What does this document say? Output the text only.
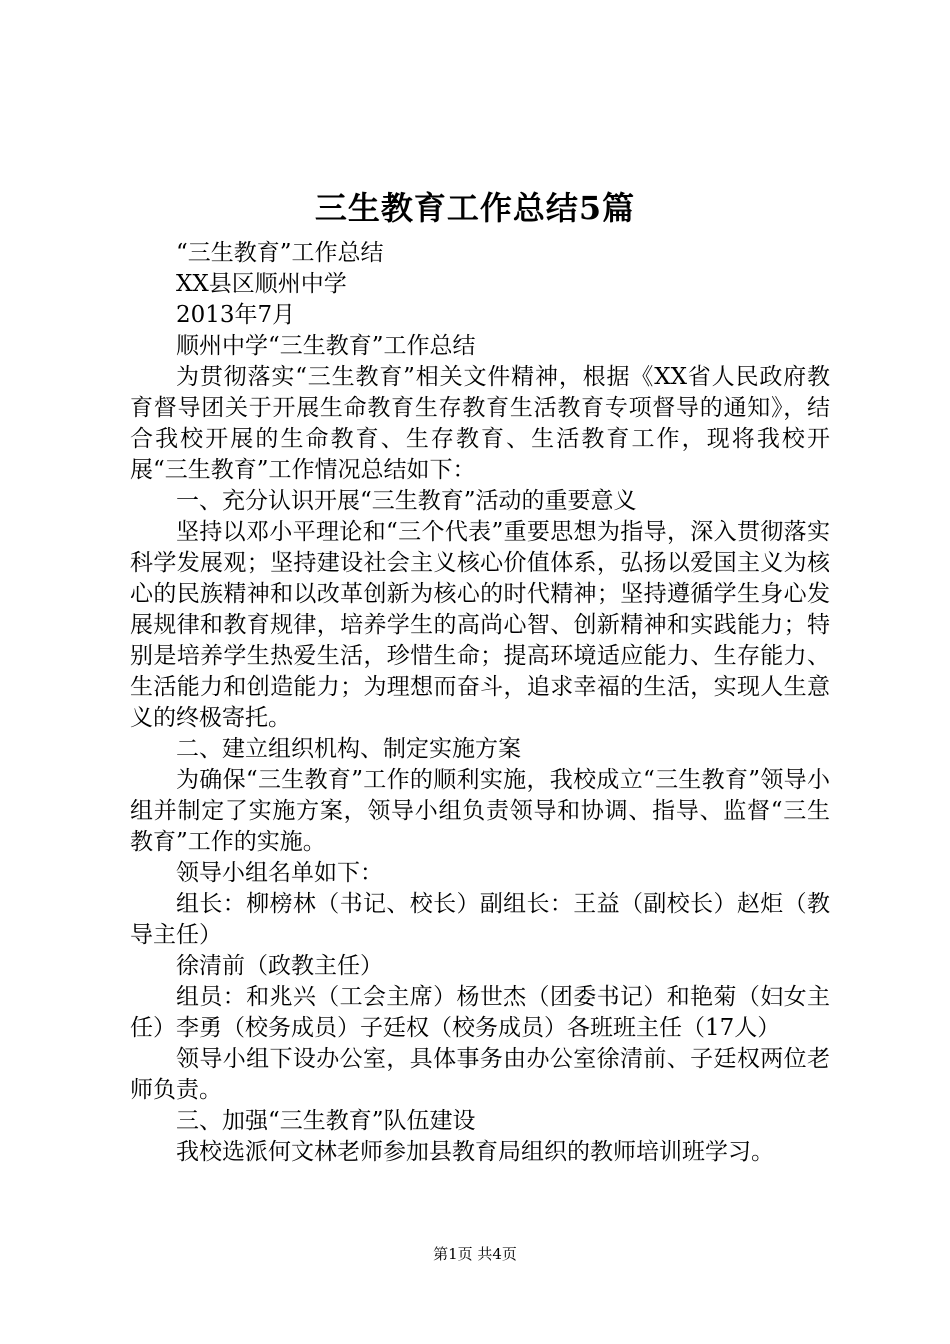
三生教育工作总结5篇

“三生教育”工作总结

XX县区顺州中学

2013年7月

顺州中学“三生教育”工作总结

为贯彻落实“三生教育”相关文件精神，根据《XX省人民政府教育督导团关于开展生命教育生存教育生活教育专项督导的通知》，结合我校开展的生命教育、生存教育、生活教育工作，现将我校开展“三生教育”工作情况总结如下：

一、充分认识开展“三生教育”活动的重要意义

坚持以邓小平理论和“三个代表”重要思想为指导，深入贯彻落实科学发展观；坚持建设社会主义核心价值体系，弘扬以爱国主义为核心的民族精神和以改革创新为核心的时代精神；坚持遵循学生身心发展规律和教育规律，培养学生的高尚心智、创新精神和实践能力；特别是培养学生热爱生活，珍惜生命；提高环境适应能力、生存能力、生活能力和创造能力；为理想而奋斗，追求幸福的生活，实现人生意义的终极寄托。

二、建立组织机构、制定实施方案

为确保“三生教育”工作的顺利实施，我校成立“三生教育”领导小组并制定了实施方案，领导小组负责领导和协调、指导、监督“三生教育”工作的实施。

领导小组名单如下：

组长：柳榜林（书记、校长）副组长：王益（副校长）赵炬（教导主任）

徐清前（政教主任）

组员：和兆兴（工会主席）杨世杰（团委书记）和艳菊（妇女主任）李勇（校务成员）子廷权（校务成员）各班班主任（17人）

领导小组下设办公室，具体事务由办公室徐清前、子廷权两位老师负责。

三、加强“三生教育”队伍建设

我校选派何文林老师参加县教育局组织的教师培训班学习。

第1页 共4页
